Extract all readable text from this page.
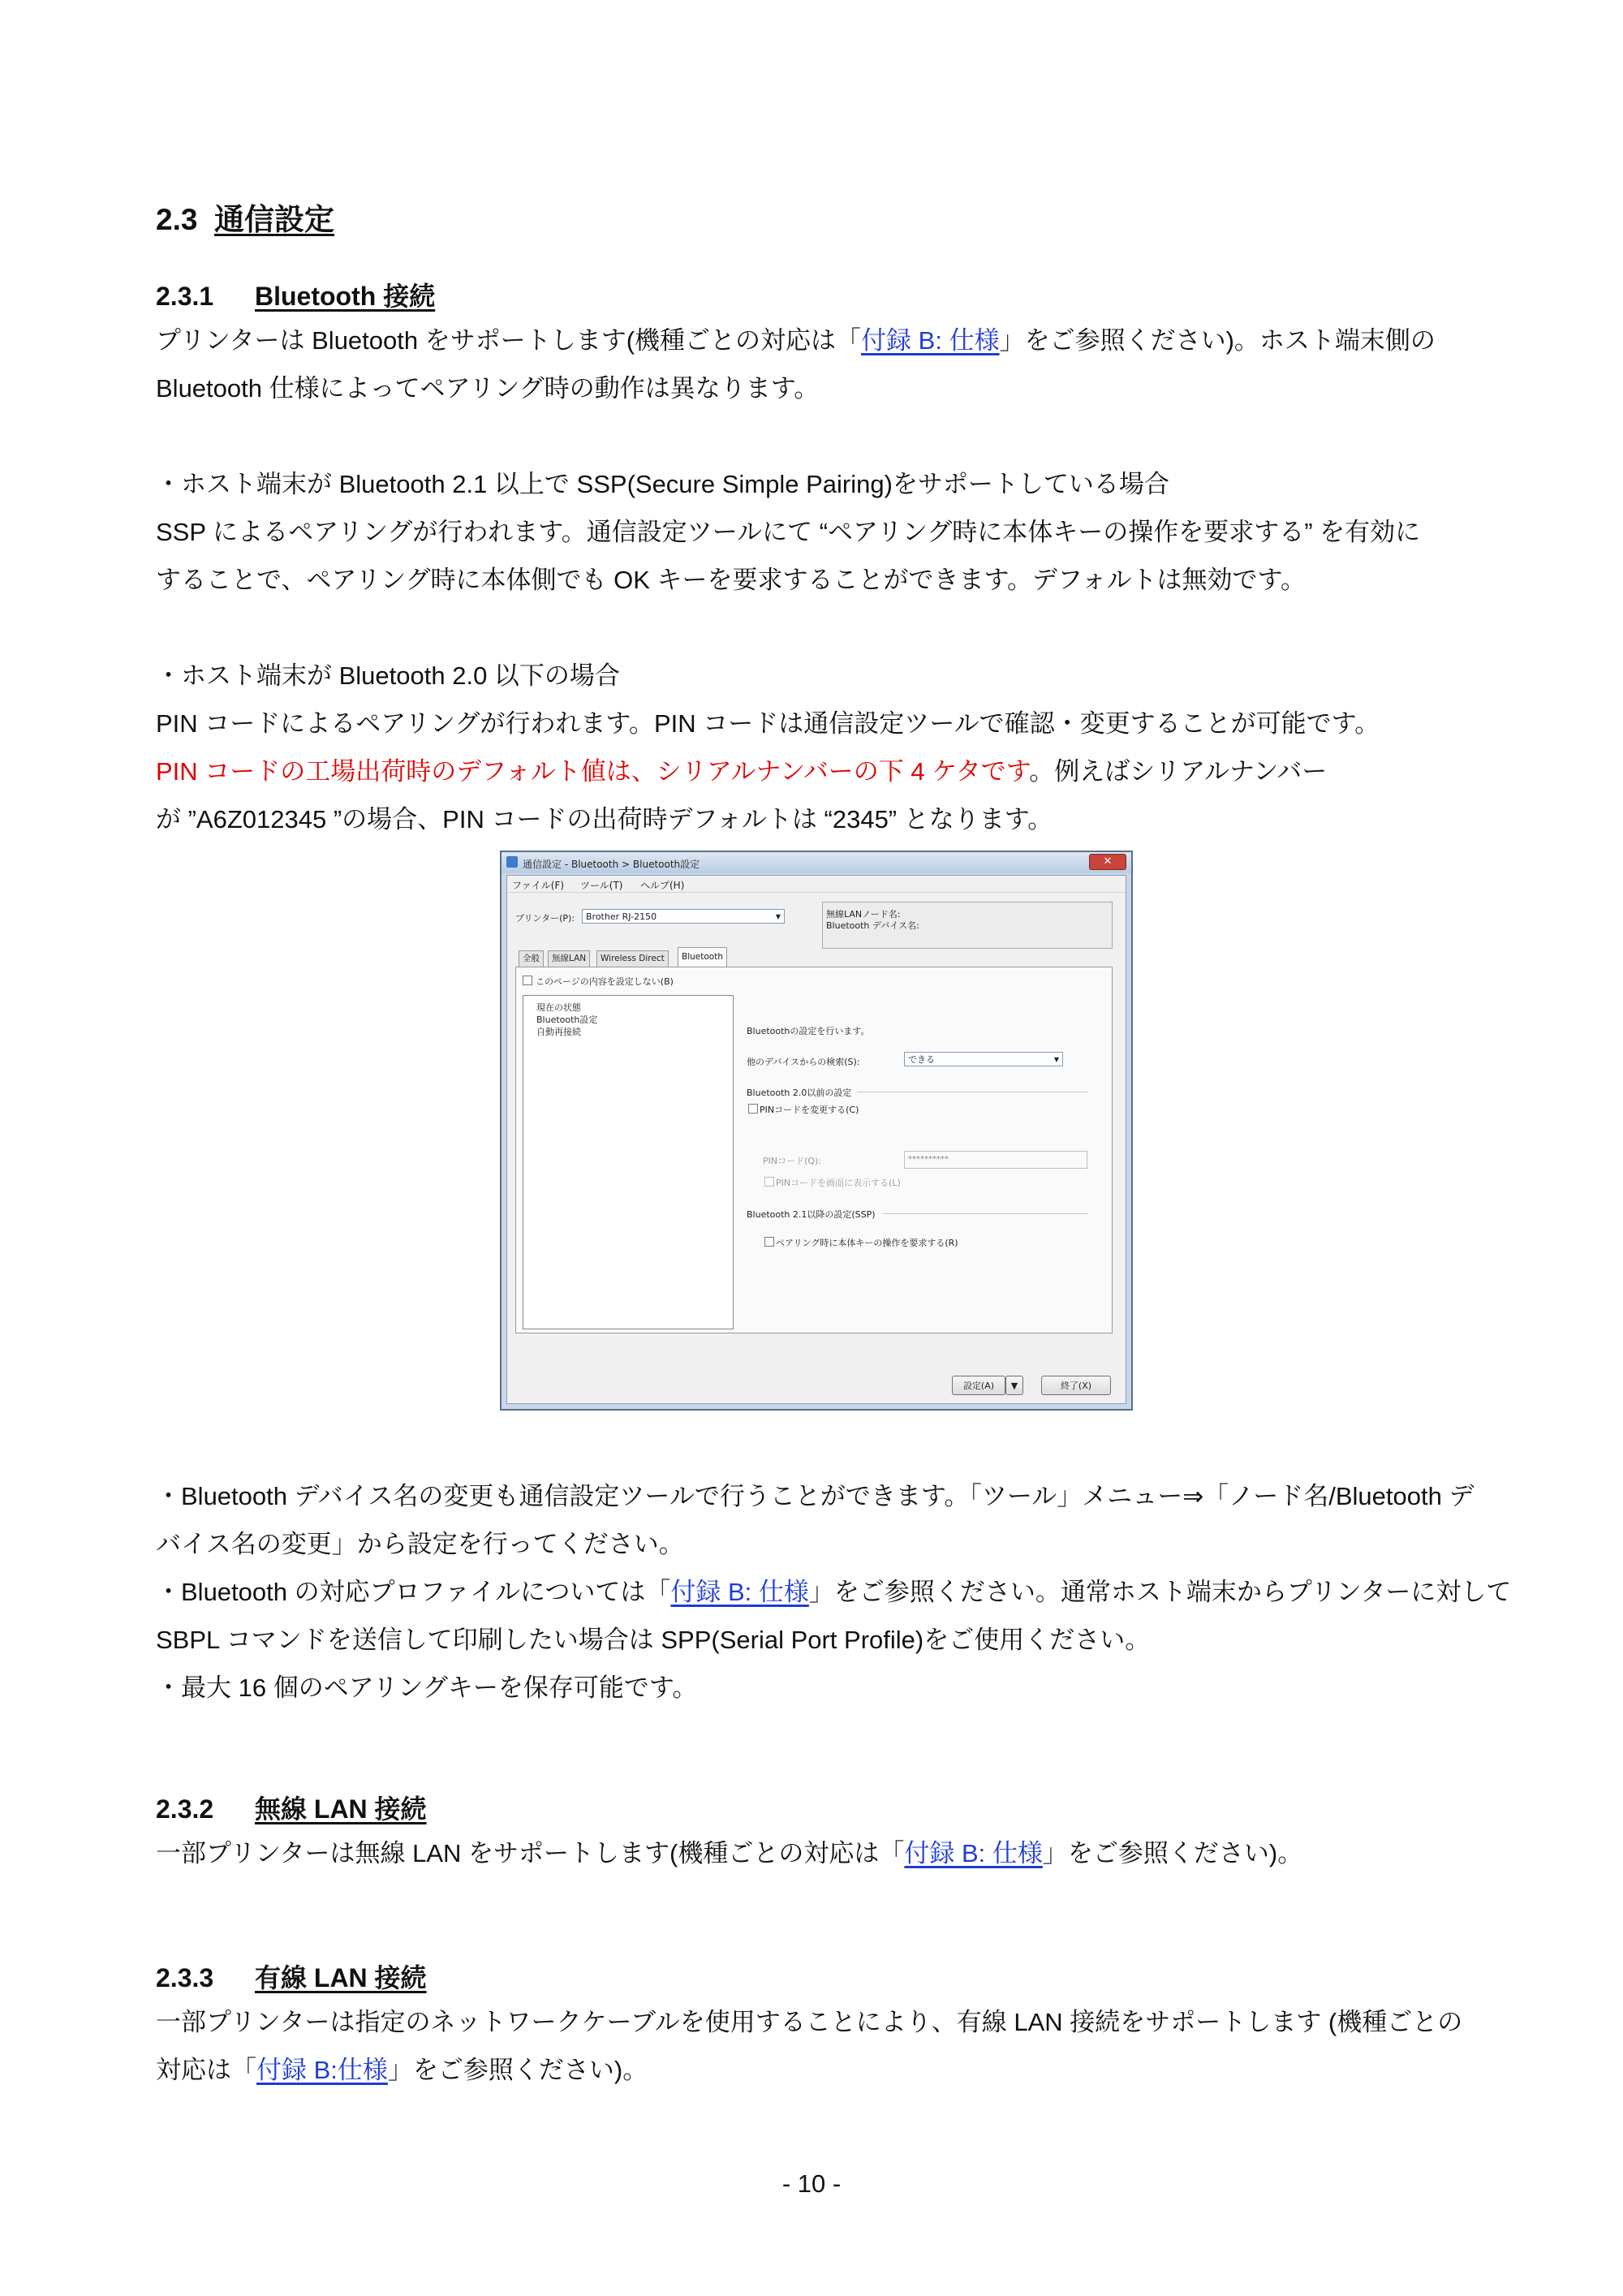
2.3 通信設定
2.3.1 Bluetooth 接続
プリンターは Bluetooth をサポートします(機種ごとの対応は「付録 B: 仕様」をご参照ください)。ホスト端末側の
Bluetooth 仕様によってペアリング時の動作は異なります。
・ホスト端末が Bluetooth 2.1 以上で SSP(Secure Simple Pairing)をサポートしている場合
SSP によるペアリングが行われます。通信設定ツールにて “ペアリング時に本体キーの操作を要求する” を有効に
することで、ペアリング時に本体側でも OK キーを要求することができます。デフォルトは無効です。
・ホスト端末が Bluetooth 2.0 以下の場合
PIN コードによるペアリングが行われます。PIN コードは通信設定ツールで確認・変更することが可能です。
PIN コードの工場出荷時のデフォルト値は、シリアルナンバーの下 4 ケタです。例えばシリアルナンバー
が ”A6Z012345 ”の場合、PIN コードの出荷時デフォルトは “2345” となります。
通信設定 - Bluetooth > Bluetooth設定	✕
ファイル(F) ツール(T) ヘルプ(H)
プリンター(P):	Brother RJ-2150	▼	無線LANノード名:
Bluetooth デバイス名:
全般	無線LAN	Wireless Direct	Bluetooth
このページの内容を設定しない(B)
現在の状態
Bluetooth設定
自動再接続	Bluetoothの設定を行います。
他のデバイスからの検索(S):	できる	▼
Bluetooth 2.0以前の設定
PINコードを変更する(C)
PINコード(Q):	**********
PINコードを画面に表示する(L)
Bluetooth 2.1以降の設定(SSP)
ペアリング時に本体キーの操作を要求する(R)
設定(A)	▼	終了(X)
・Bluetooth デバイス名の変更も通信設定ツールで行うことができます。「ツール」メニュー⇒「ノード名/Bluetooth デ
バイス名の変更」から設定を行ってください。
・Bluetooth の対応プロファイルについては「付録 B: 仕様」をご参照ください。通常ホスト端末からプリンターに対して
SBPL コマンドを送信して印刷したい場合は SPP(Serial Port Profile)をご使用ください。
・最大 16 個のペアリングキーを保存可能です。
2.3.2 無線 LAN 接続
一部プリンターは無線 LAN をサポートします(機種ごとの対応は「付録 B: 仕様」をご参照ください)。
2.3.3 有線 LAN 接続
一部プリンターは指定のネットワークケーブルを使用することにより、有線 LAN 接続をサポートします (機種ごとの
対応は「付録 B:仕様」をご参照ください)。
- 10 -
